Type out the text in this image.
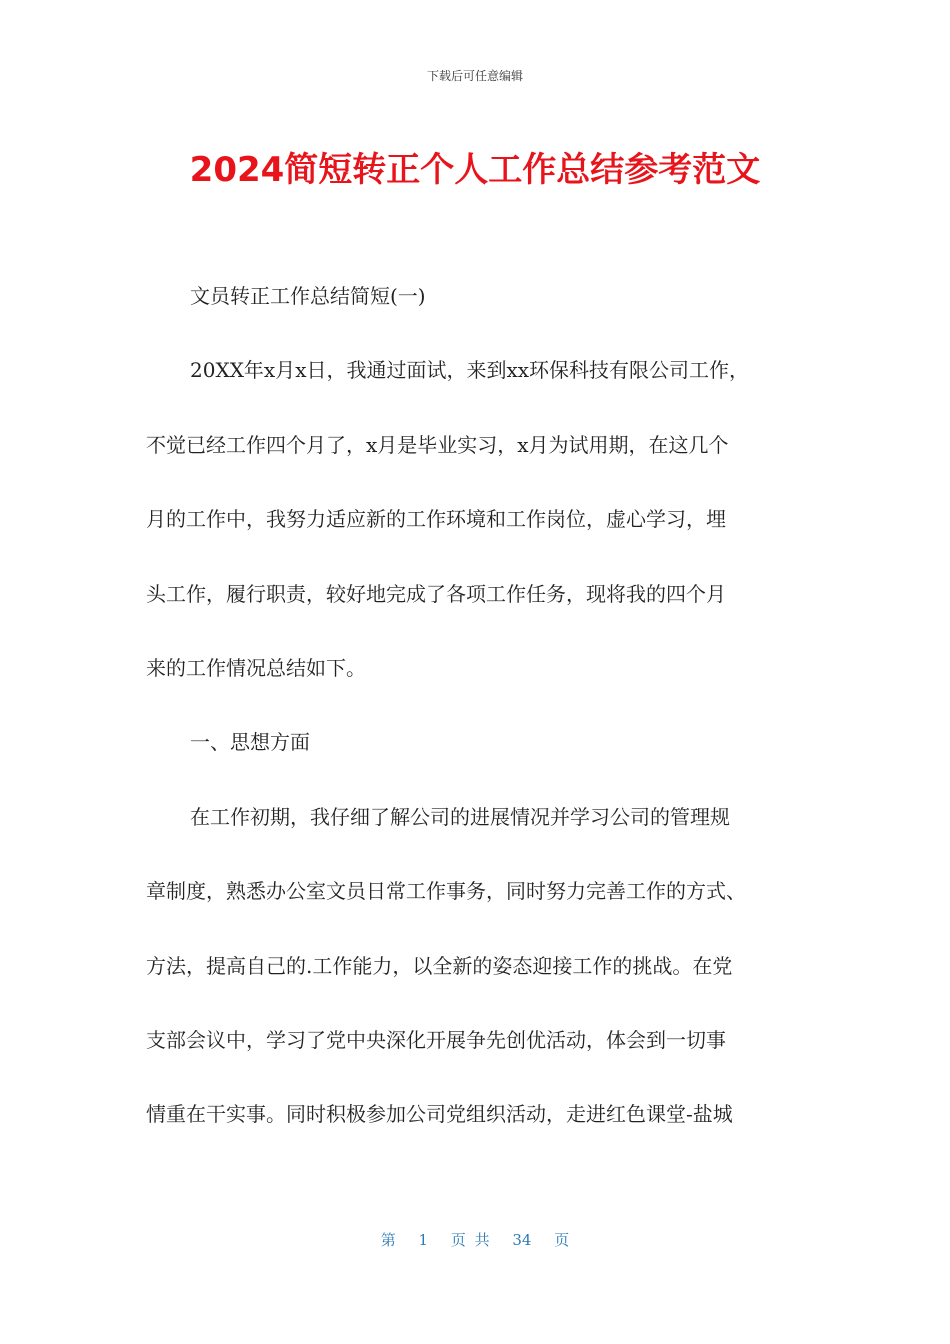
下载后可任意编辑
2024简短转正个人工作总结参考范文

文员转正工作总结简短(一)

20XX年x月x日，我通过面试，来到xx环保科技有限公司工作，

不觉已经工作四个月了，x月是毕业实习，x月为试用期，在这几个

月的工作中，我努力适应新的工作环境和工作岗位，虚心学习，埋

头工作，履行职责，较好地完成了各项工作任务，现将我的四个月

来的工作情况总结如下。

一、思想方面

在工作初期，我仔细了解公司的进展情况并学习公司的管理规

章制度，熟悉办公室文员日常工作事务，同时努力完善工作的方式、

方法，提高自己的.工作能力，以全新的姿态迎接工作的挑战。在党

支部会议中，学习了党中央深化开展争先创优活动，体会到一切事

情重在干实事。同时积极参加公司党组织活动，走进红色课堂-盐城

第 1 页 共 34 页
